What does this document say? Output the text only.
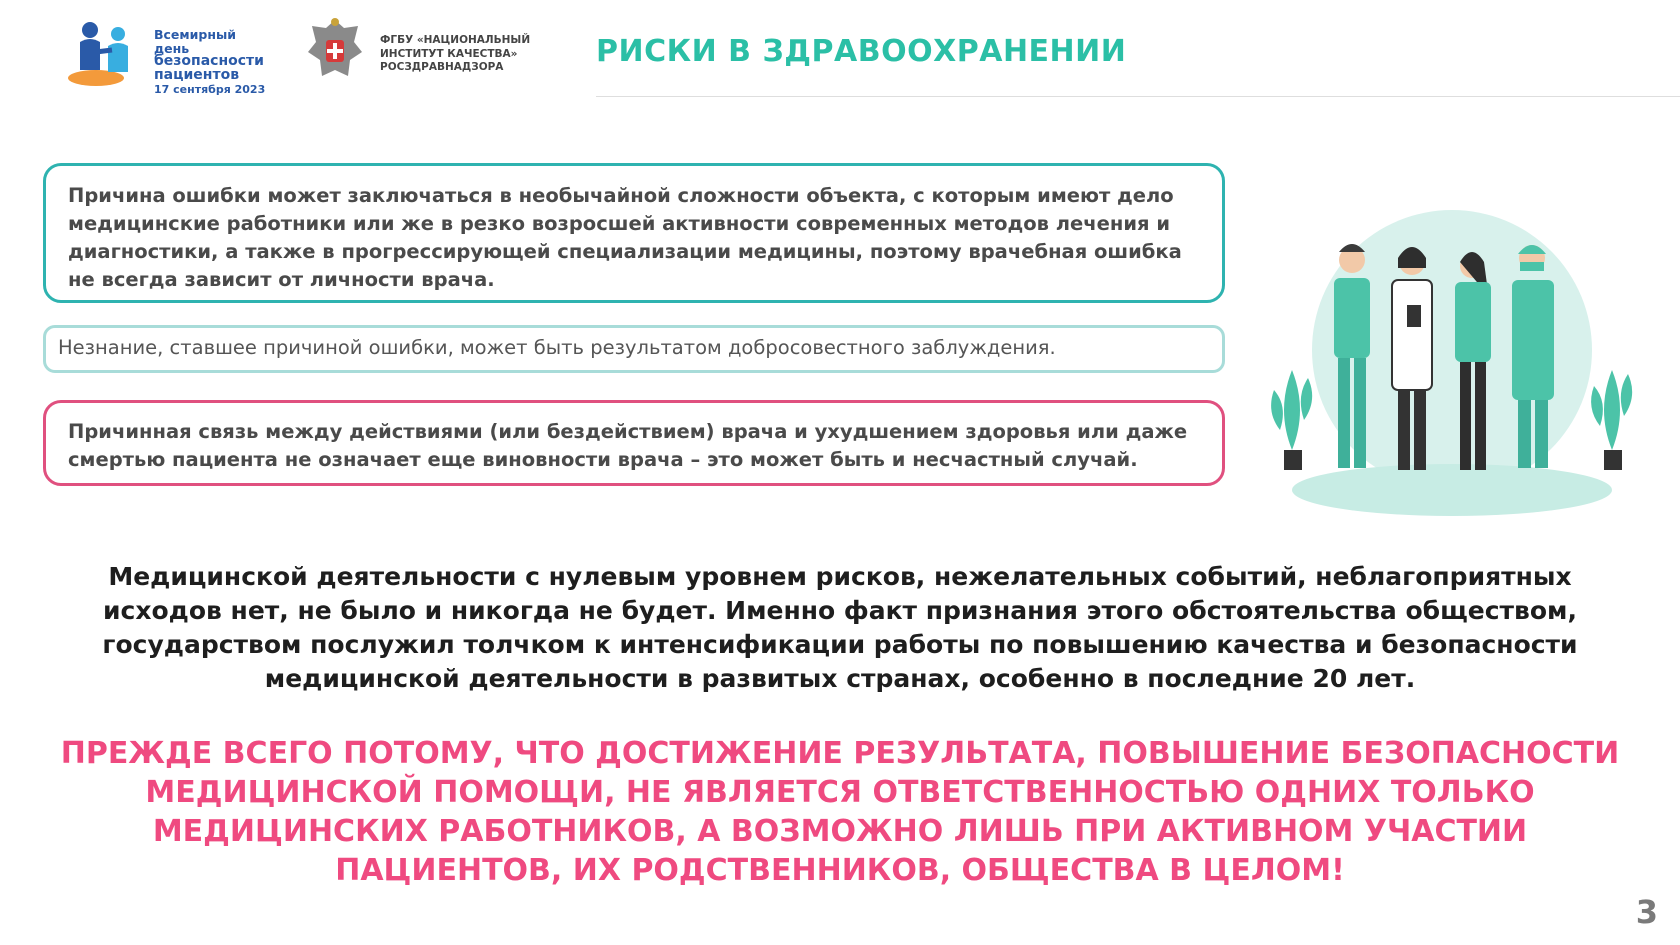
Всемирный день
безопасности
пациентов
17 сентября 2023
ФГБУ «НАЦИОНАЛЬНЫЙ
ИНСТИТУТ КАЧЕСТВА»
РОСЗДРАВНАДЗОРА	РИСКИ В ЗДРАВООХРАНЕНИИ
Причина ошибки может заключаться в необычайной сложности объекта, с которым имеют дело медицинские работники или же в резко возросшей активности современных методов лечения и диагностики, а также в прогрессирующей специализации медицины, поэтому врачебная ошибка не всегда зависит от личности врача.
Незнание, ставшее причиной ошибки, может быть результатом добросовестного заблуждения.
Причинная связь между действиями (или бездействием) врача и ухудшением здоровья или даже смертью пациента не означает еще виновности врача – это может быть и несчастный случай.
Медицинской деятельности с нулевым уровнем рисков, нежелательных событий, неблагоприятных исходов нет, не было и никогда не будет. Именно факт признания этого обстоятельства обществом, государством послужил толчком к интенсификации работы по повышению качества и безопасности медицинской деятельности в развитых странах, особенно в последние 20 лет.
ПРЕЖДЕ ВСЕГО ПОТОМУ, ЧТО ДОСТИЖЕНИЕ РЕЗУЛЬТАТА, ПОВЫШЕНИЕ БЕЗОПАСНОСТИ МЕДИЦИНСКОЙ ПОМОЩИ, НЕ ЯВЛЯЕТСЯ ОТВЕТСТВЕННОСТЬЮ ОДНИХ ТОЛЬКО МЕДИЦИНСКИХ РАБОТНИКОВ, А ВОЗМОЖНО ЛИШЬ ПРИ АКТИВНОМ УЧАСТИИ ПАЦИЕНТОВ, ИХ РОДСТВЕННИКОВ, ОБЩЕСТВА В ЦЕЛОМ!
3
